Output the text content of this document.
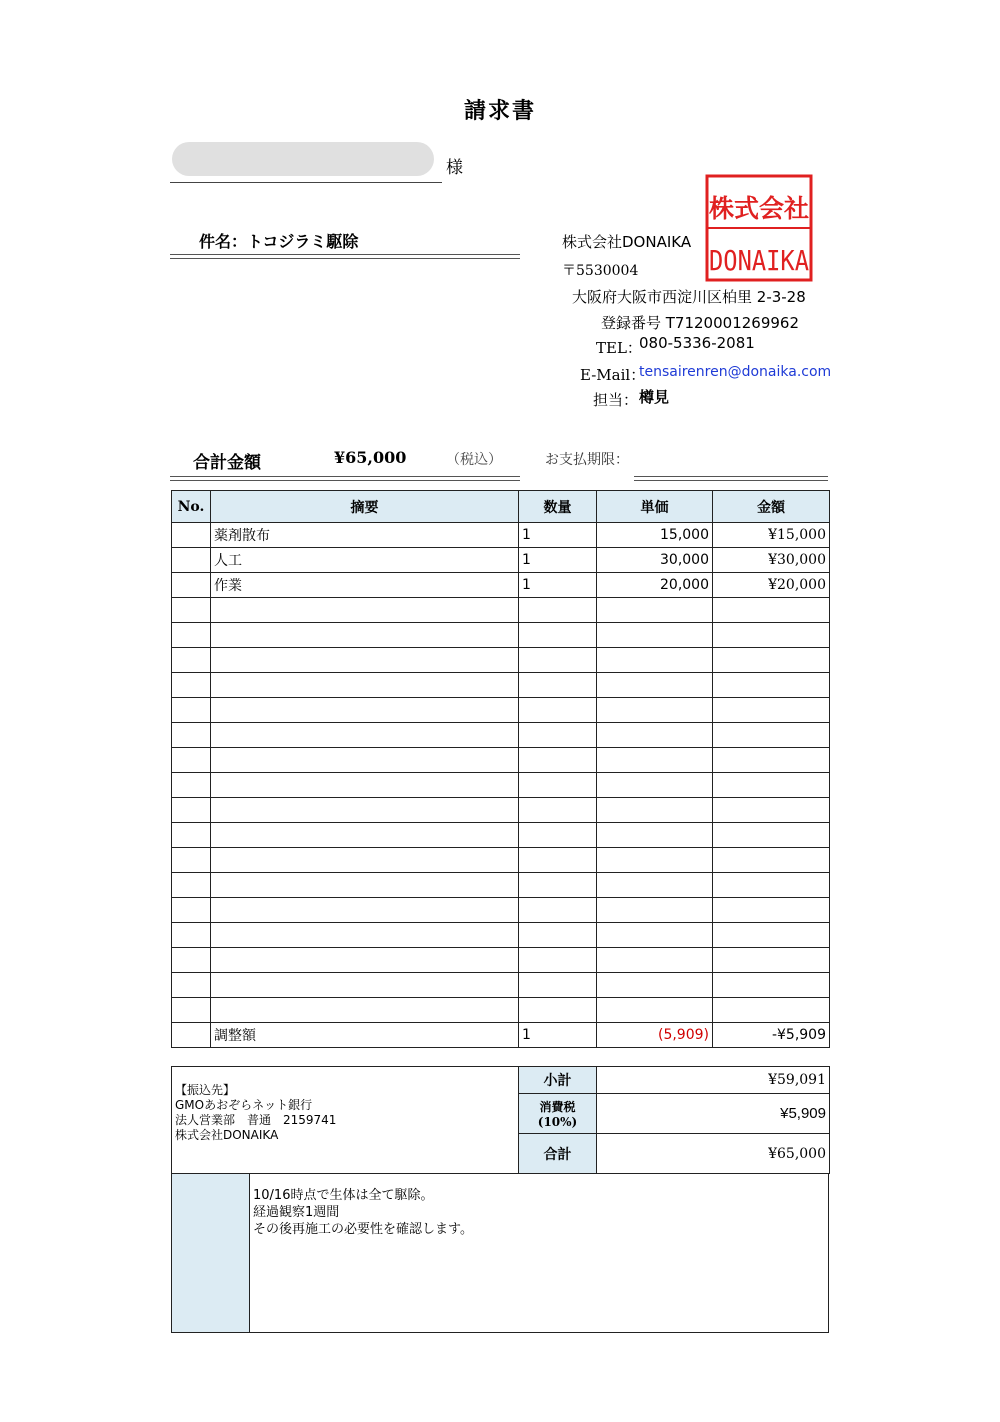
請求書
様
件名：トコジラミ駆除	株式会社DONAIKA
〒5530004
大阪府大阪市西淀川区柏里 2-3-28
登録番号 T7120001269962
TEL：
080-5336-2081
E-Mail：
tensairenren@donaika.com
担当： 樽見
株式会社
DONAIKA
合計金額	¥65,000	（税込）	お支払期限：
No.	摘要	数量	単価	金額
	薬剤散布	1	15,000	¥15,000
	人工	1	30,000	¥30,000
	作業	1	20,000	¥20,000

	調整額	1	(5,909)	-¥5,909
【振込先】
GMOあおぞらネット銀行
法人営業部　普通　2159741
株式会社DONAIKA	小計	¥59,091
	消費税(10%)	¥5,909
	合計	¥65,000
10/16時点で生体は全て駆除。
経過観察1週間
その後再施工の必要性を確認します。
